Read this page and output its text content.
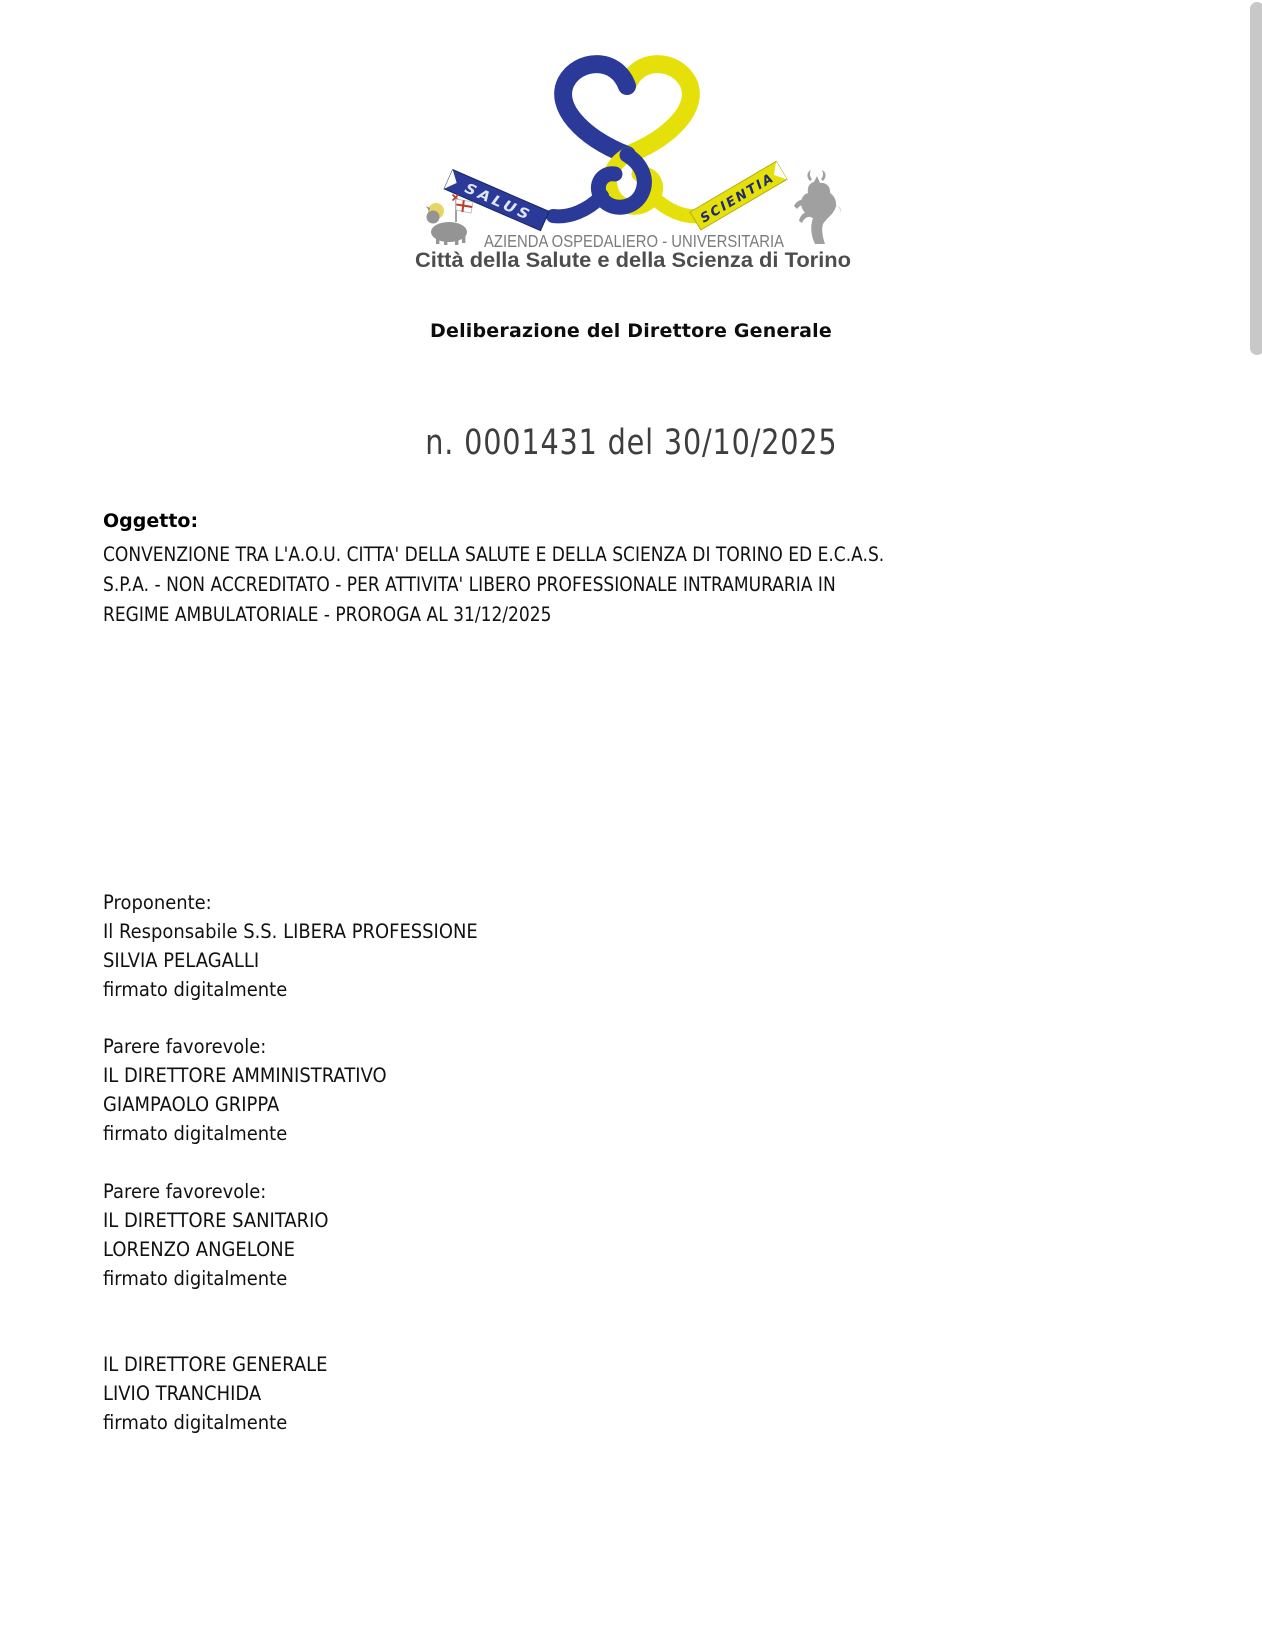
SALUS	SCIENTIA
AZIENDA OSPEDALIERO - UNIVERSITARIA
Città della Salute e della Scienza di Torino
Deliberazione del Direttore Generale
n. 0001431 del 30/10/2025
Oggetto:
CONVENZIONE TRA L'A.O.U. CITTA' DELLA SALUTE E DELLA SCIENZA DI TORINO ED E.C.A.S.
S.P.A. - NON ACCREDITATO - PER ATTIVITA' LIBERO PROFESSIONALE INTRAMURARIA IN
REGIME AMBULATORIALE - PROROGA AL 31/12/2025
Proponente:
Il Responsabile S.S. LIBERA PROFESSIONE
SILVIA PELAGALLI
firmato digitalmente
Parere favorevole:
IL DIRETTORE AMMINISTRATIVO
GIAMPAOLO GRIPPA
firmato digitalmente
Parere favorevole:
IL DIRETTORE SANITARIO
LORENZO ANGELONE
firmato digitalmente
IL DIRETTORE GENERALE
LIVIO TRANCHIDA
firmato digitalmente
